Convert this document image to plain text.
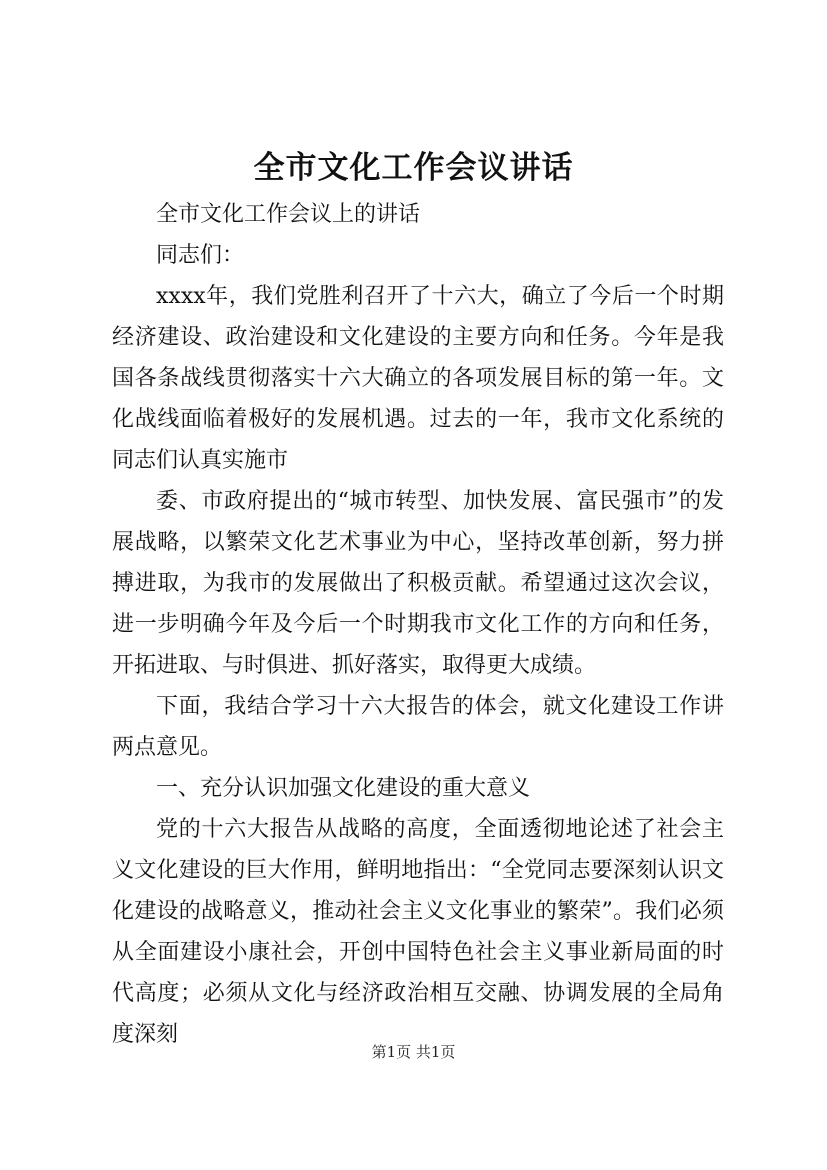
全市文化工作会议讲话

全市文化工作会议上的讲话

同志们：

xxxx年，我们党胜利召开了十六大，确立了今后一个时期经济建设、政治建设和文化建设的主要方向和任务。今年是我国各条战线贯彻落实十六大确立的各项发展目标的第一年。文化战线面临着极好的发展机遇。过去的一年，我市文化系统的同志们认真实施市

委、市政府提出的“城市转型、加快发展、富民强市”的发展战略，以繁荣文化艺术事业为中心，坚持改革创新，努力拼搏进取，为我市的发展做出了积极贡献。希望通过这次会议，进一步明确今年及今后一个时期我市文化工作的方向和任务，开拓进取、与时俱进、抓好落实，取得更大成绩。

下面，我结合学习十六大报告的体会，就文化建设工作讲两点意见。

一、充分认识加强文化建设的重大意义

党的十六大报告从战略的高度，全面透彻地论述了社会主义文化建设的巨大作用，鲜明地指出：“全党同志要深刻认识文化建设的战略意义，推动社会主义文化事业的繁荣”。我们必须从全面建设小康社会，开创中国特色社会主义事业新局面的时代高度；必须从文化与经济政治相互交融、协调发展的全局角度深刻

第1页 共1页
